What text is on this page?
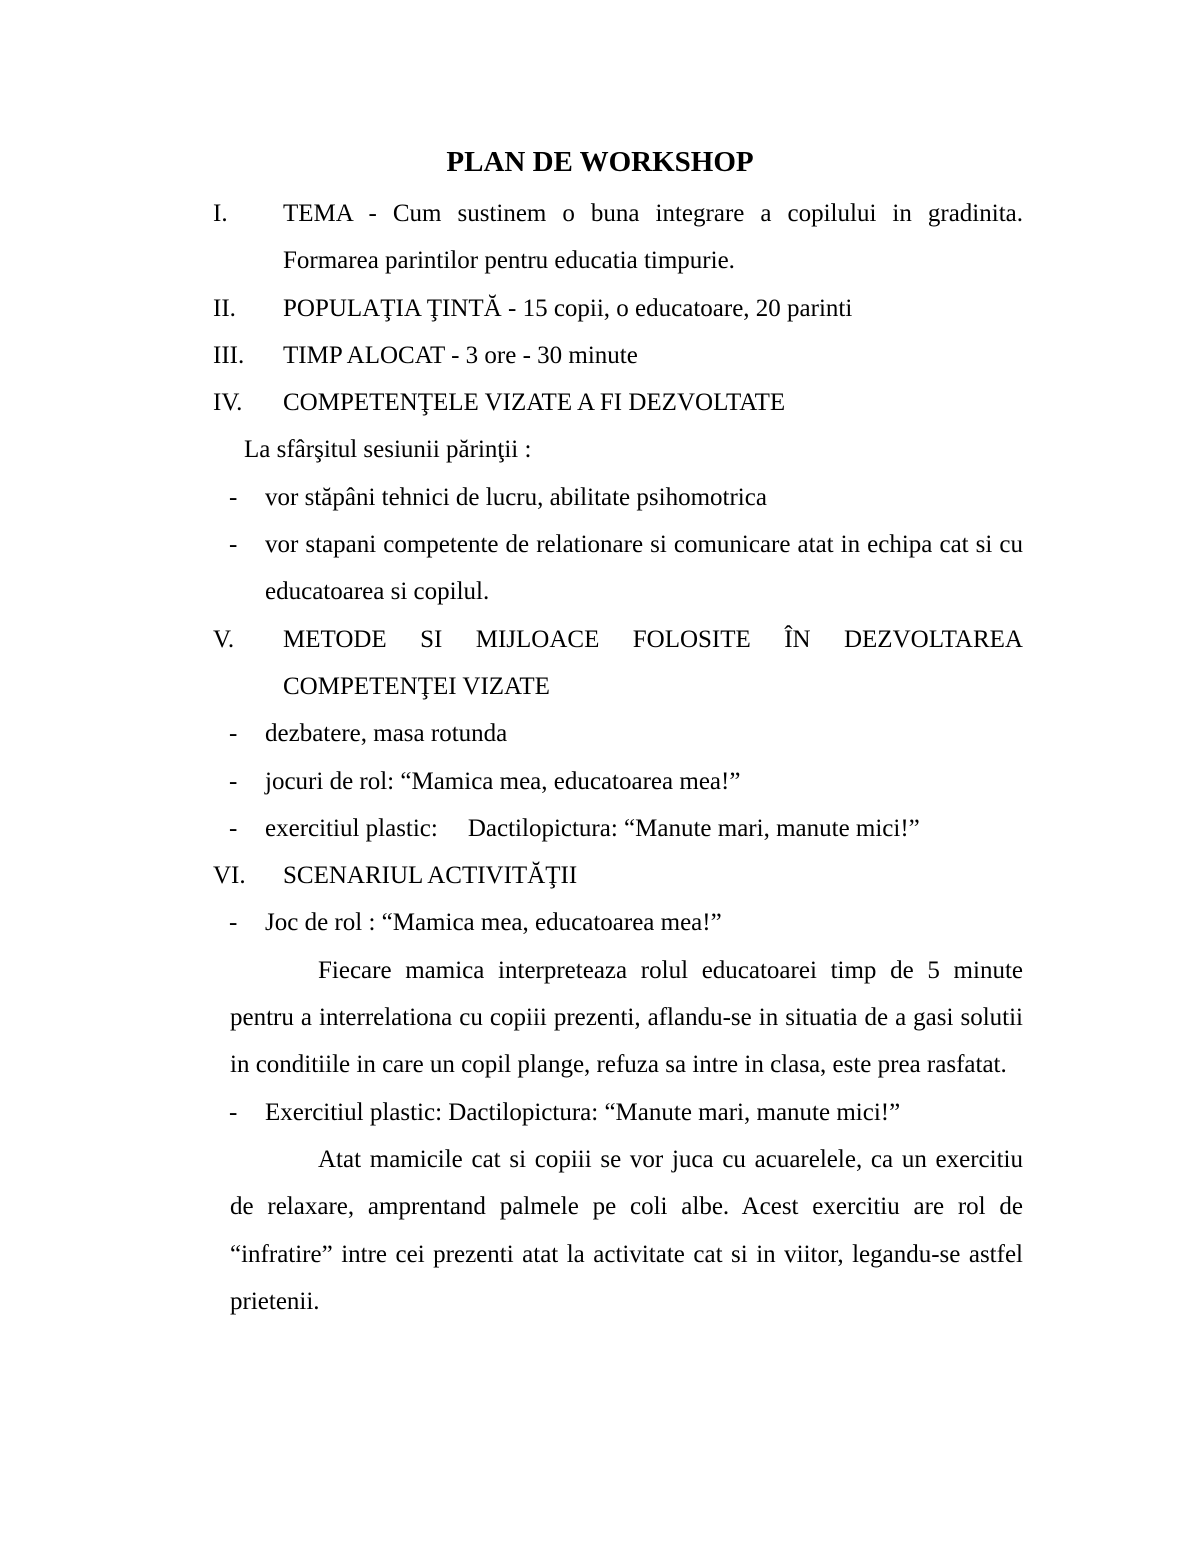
PLAN DE WORKSHOP
I.	TEMA - Cum sustinem o buna integrare a copilului in gradinita.
Formarea parintilor pentru educatia timpurie.
II.	POPULAŢIA ŢINTĂ - 15 copii, o educatoare, 20 parinti
III.	TIMP ALOCAT - 3 ore - 30 minute
IV.	COMPETENŢELE VIZATE A FI DEZVOLTATE
La sfârşitul sesiunii părinţii :
-	vor stăpâni tehnici de lucru, abilitate psihomotrica
-	vor stapani competente de relationare si comunicare atat in echipa cat si cu educatoarea si copilul.
V.	METODE SI MIJLOACE FOLOSITE ÎN DEZVOLTAREA COMPETENŢEI VIZATE
-	dezbatere, masa rotunda
-	jocuri de rol: “Mamica mea, educatoarea mea!”
-	exercitiul plastic: Dactilopictura: “Manute mari, manute mici!”
VI.	SCENARIUL ACTIVITĂŢII
-	Joc de rol : “Mamica mea, educatoarea mea!”
Fiecare mamica interpreteaza rolul educatoarei timp de 5 minute pentru a interrelationa cu copiii prezenti, aflandu-se in situatia de a gasi solutii in conditiile in care un copil plange, refuza sa intre in clasa, este prea rasfatat.
-	Exercitiul plastic: Dactilopictura: “Manute mari, manute mici!”
Atat mamicile cat si copiii se vor juca cu acuarelele, ca un exercitiu de relaxare, amprentand palmele pe coli albe. Acest exercitiu are rol de “infratire” intre cei prezenti atat la activitate cat si in viitor, legandu-se astfel prietenii.
